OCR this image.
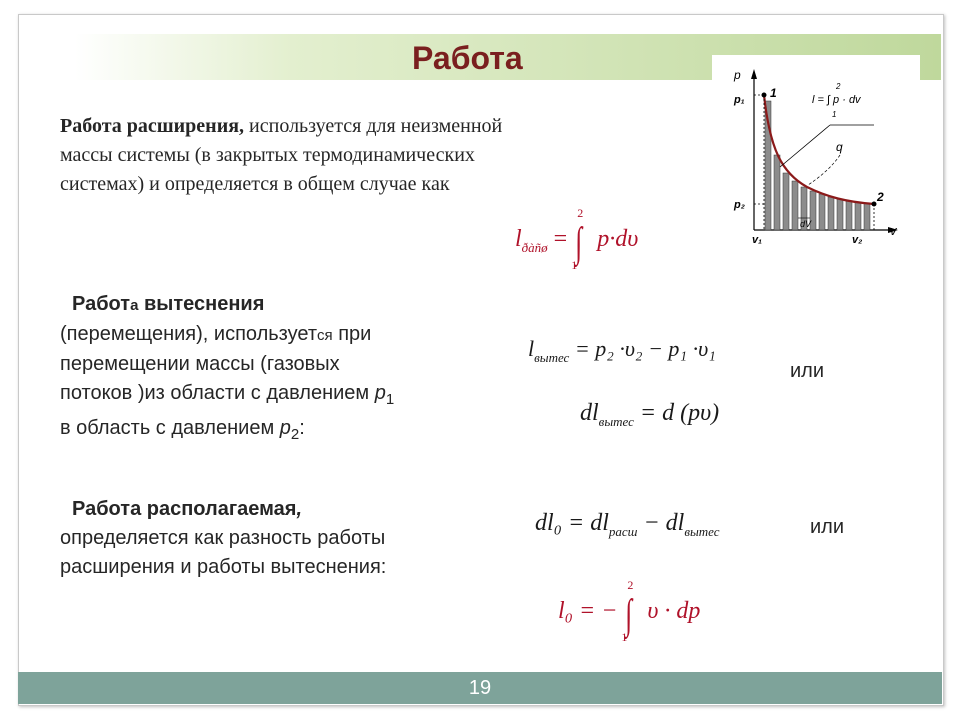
Работа

Работа расширения, используется для неизменной
массы системы (в закрытых термодинамических
системах) и определяется в общем случае как

$l_{ðàñø}$ = ∫
2
1
p·dυ

Работа вытеснения
(перемещения), используется при
перемещении массы (газовых
потоков )из области с давлением $p_1$
в область с давлением $p_2$:

$l_{вытес} = p_2 \cdot\upsilon_2 - p_1 \cdot\upsilon_1$
или
$dl_{вытес} = d$ (pυ)

Работа располагаемая,
определяется как разность работы
расширения и работы вытеснения:

$dl_0 = dl_{расш} - dl_{вытес}$	или
l₀ = − ∫
2
1
υ · dp
p
v
1
2
p₁
p₂
v₁	v₂
dV
l = ∫ p · dv
2
1
q
19
